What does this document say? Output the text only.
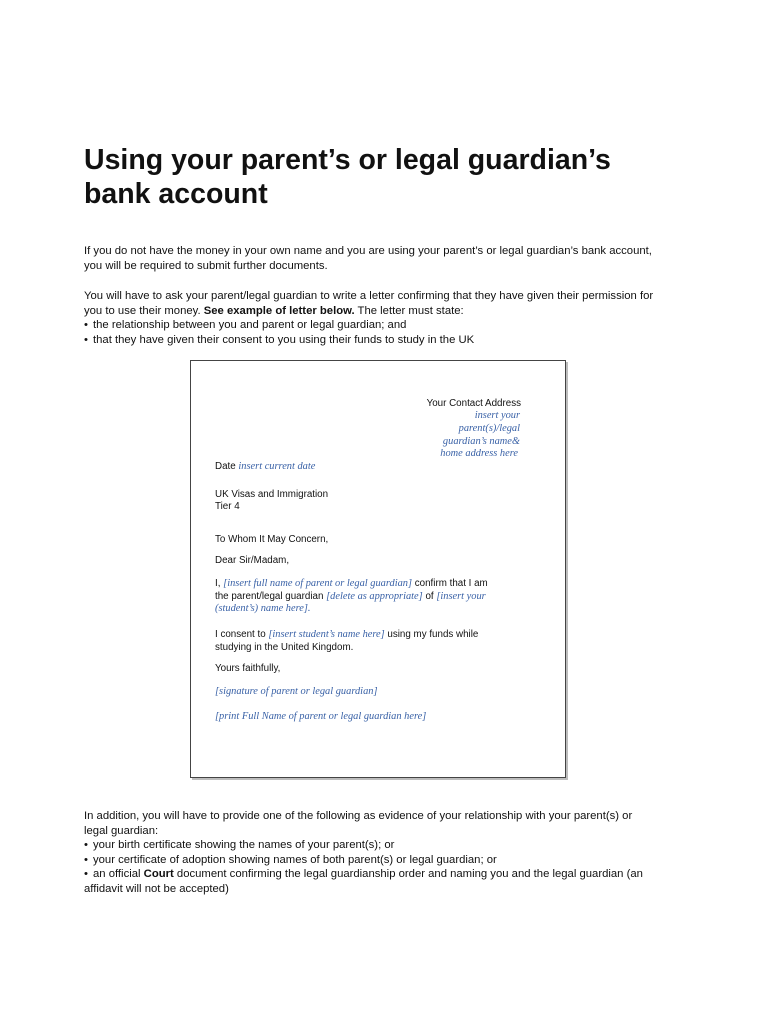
Using your parent’s or legal guardian’s
bank account
If you do not have the money in your own name and you are using your parent’s or legal guardian’s bank account,
you will be required to submit further documents.
You will have to ask your parent/legal guardian to write a letter confirming that they have given their permission for
you to use their money. See example of letter below. The letter must state:
• the relationship between you and parent or legal guardian; and
• that they have given their consent to you using their funds to study in the UK
Your Contact Address
insert your
parent(s)/legal
guardian’s name&
home address here
Date insert current date
UK Visas and Immigration
Tier 4
To Whom It May Concern,
Dear Sir/Madam,
I, [insert full name of parent or legal guardian] confirm that I am
the parent/legal guardian [delete as appropriate] of [insert your
(student’s) name here].
I consent to [insert student’s name here] using my funds while
studying in the United Kingdom.
Yours faithfully,
[signature of parent or legal guardian]
[print Full Name of parent or legal guardian here]
In addition, you will have to provide one of the following as evidence of your relationship with your parent(s) or
legal guardian:
• your birth certificate showing the names of your parent(s); or
• your certificate of adoption showing names of both parent(s) or legal guardian; or
• an official Court document confirming the legal guardianship order and naming you and the legal guardian (an
affidavit will not be accepted)
